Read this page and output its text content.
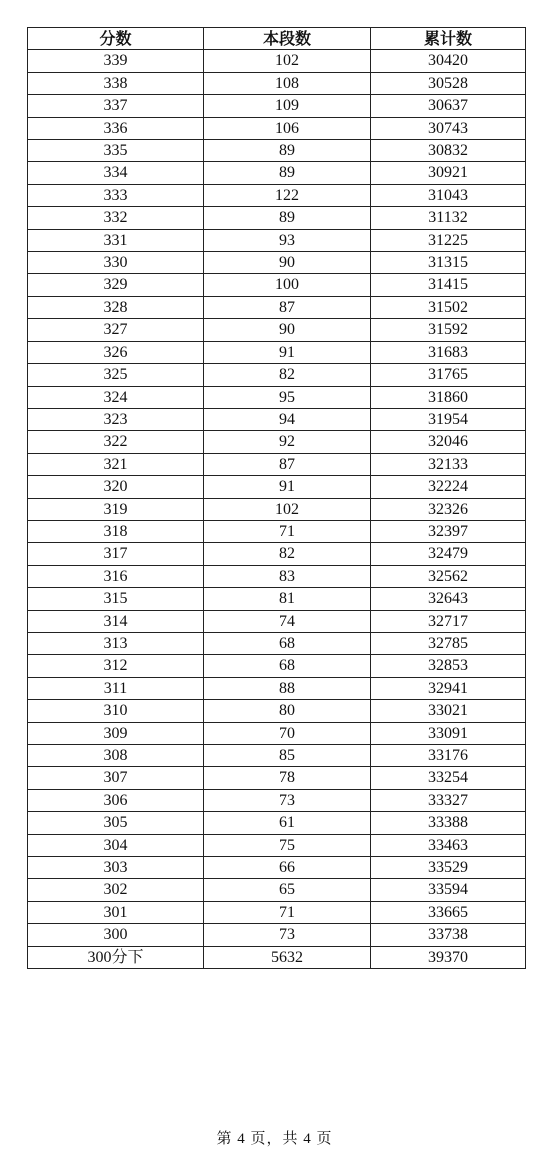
分数	本段数	累计数
339	102	30420
338	108	30528
337	109	30637
336	106	30743
335	89	30832
334	89	30921
333	122	31043
332	89	31132
331	93	31225
330	90	31315
329	100	31415
328	87	31502
327	90	31592
326	91	31683
325	82	31765
324	95	31860
323	94	31954
322	92	32046
321	87	32133
320	91	32224
319	102	32326
318	71	32397
317	82	32479
316	83	32562
315	81	32643
314	74	32717
313	68	32785
312	68	32853
311	88	32941
310	80	33021
309	70	33091
308	85	33176
307	78	33254
306	73	33327
305	61	33388
304	75	33463
303	66	33529
302	65	33594
301	71	33665
300	73	33738
300分下	5632	39370
第 4 页，共 4 页
